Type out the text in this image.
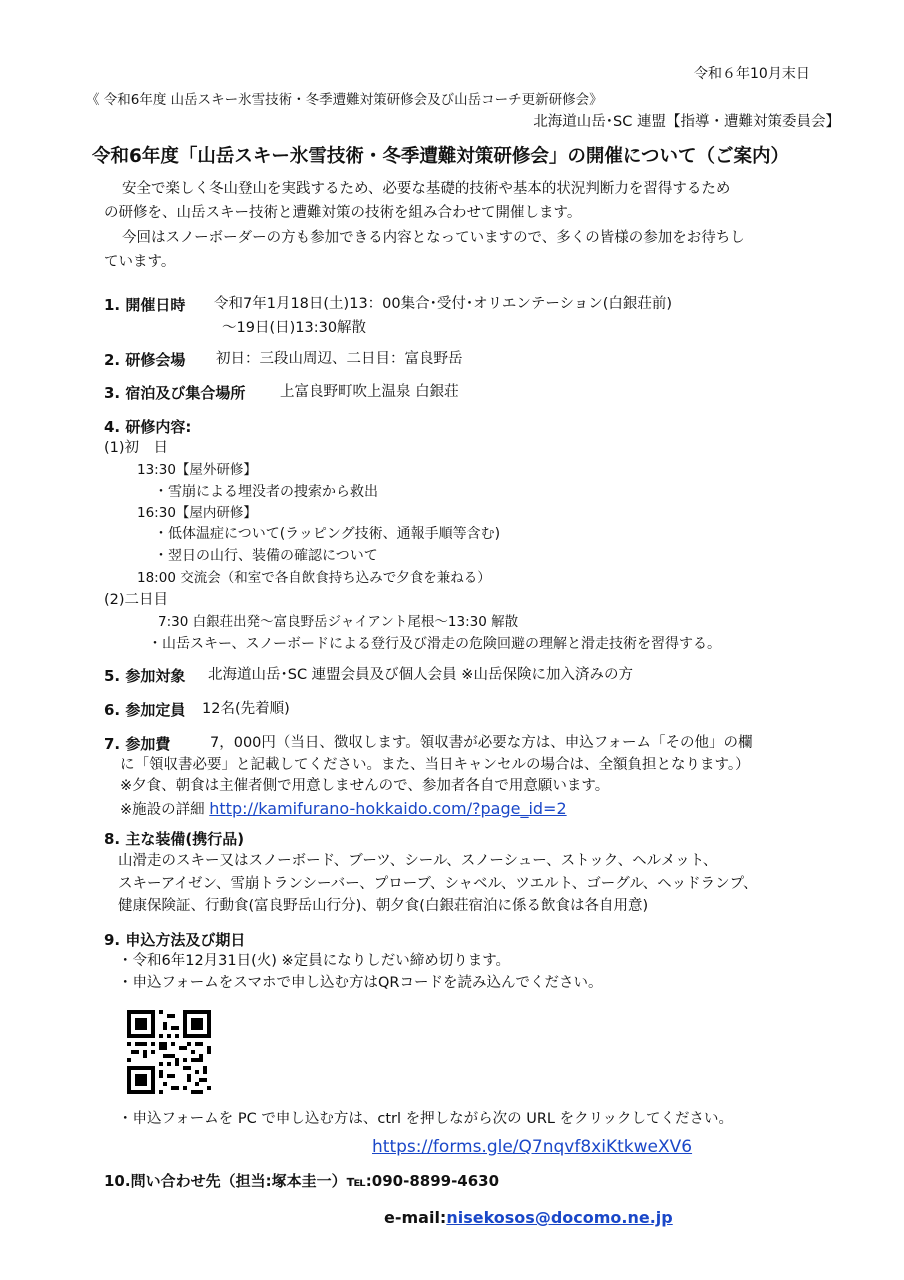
令和６年10月末日
《 令和6年度 山岳スキー氷雪技術・冬季遭難対策研修会及び山岳コーチ更新研修会》
北海道山岳･SC 連盟【指導・遭難対策委員会】
令和6年度「山岳スキー氷雪技術・冬季遭難対策研修会」の開催について（ご案内）
安全で楽しく冬山登山を実践するため、必要な基礎的技術や基本的状況判断力を習得するため
の研修を、山岳スキー技術と遭難対策の技術を組み合わせて開催します。
今回はスノーボーダーの方も参加できる内容となっていますので、多くの皆様の参加をお待ちし
ています。
1. 開催日時 令和7年1月18日(土)13：00集合･受付･オリエンテーション(白銀荘前)
～19日(日)13:30解散
2. 研修会場 初日：三段山周辺、二日目：富良野岳
3. 宿泊及び集合場所 上富良野町吹上温泉 白銀荘
4. 研修内容:
(1)初　日
13:30【屋外研修】
・雪崩による埋没者の捜索から救出
16:30【屋内研修】
・低体温症について(ラッピング技術、通報手順等含む)
・翌日の山行、装備の確認について
18:00 交流会（和室で各自飲食持ち込みで夕食を兼ねる）
(2)二日目
7:30 白銀荘出発～富良野岳ジャイアント尾根～13:30 解散
・山岳スキー、スノーボードによる登行及び滑走の危険回避の理解と滑走技術を習得する。
5. 参加対象 北海道山岳･SC 連盟会員及び個人会員 ※山岳保険に加入済みの方
6. 参加定員 12名(先着順)
7. 参加費	7，000円（当日、徴収します。領収書が必要な方は、申込フォーム「その他」の欄
に「領収書必要」と記載してください。また、当日キャンセルの場合は、全額負担となります。）
※夕食、朝食は主催者側で用意しませんので、参加者各自で用意願います。
※施設の詳細 http://kamifurano-hokkaido.com/?page_id=2
8. 主な装備(携行品)
山滑走のスキー又はスノーボード、ブーツ、シール、スノーシュー、ストック、ヘルメット、
スキーアイゼン、雪崩トランシーバー、プローブ、シャベル、ツエルト、ゴーグル、ヘッドランプ、
健康保険証、行動食(富良野岳山行分)、朝夕食(白銀荘宿泊に係る飲食は各自用意)
9. 申込方法及び期日
・令和6年12月31日(火) ※定員になりしだい締め切ります。
・申込フォームをスマホで申し込む方はQRコードを読み込んでください。
・申込フォームを PC で申し込む方は、ctrl を押しながら次の URL をクリックしてください。
https://forms.gle/Q7nqvf8xiKtkweXV6
10.問い合わせ先（担当:塚本圭一）℡:090-8899-4630
e-mail:nisekosos@docomo.ne.jp
